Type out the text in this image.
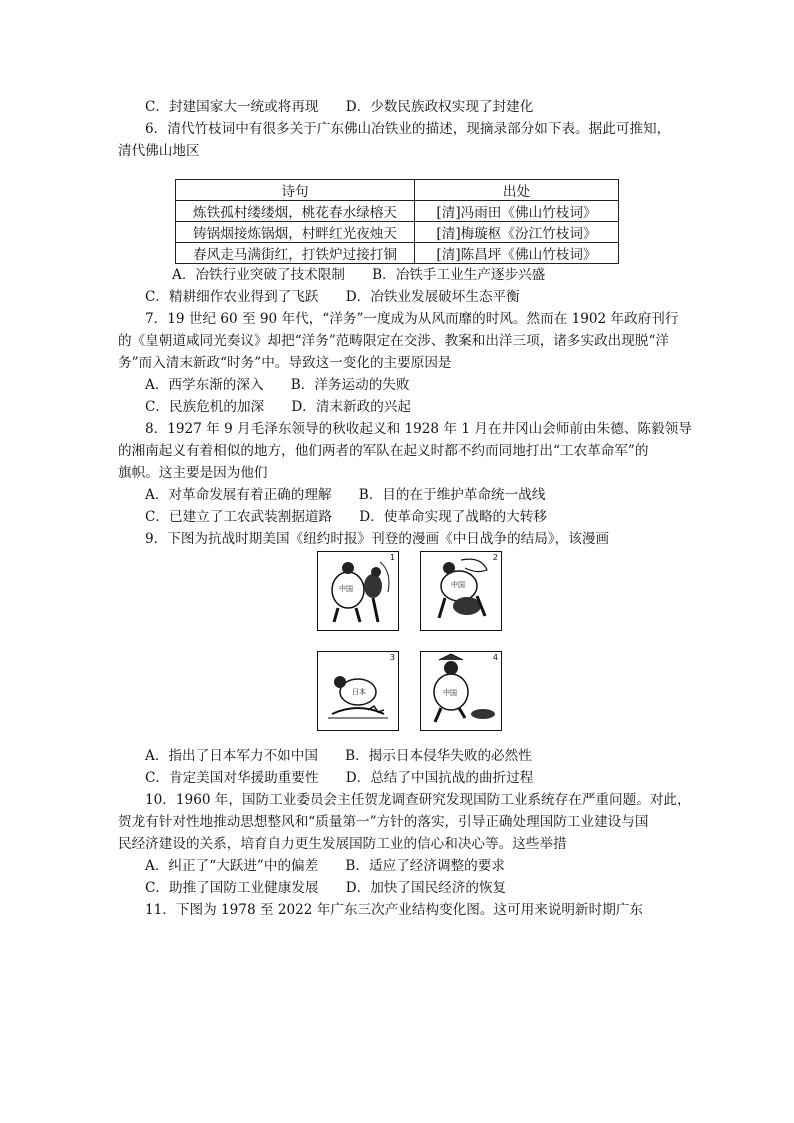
C．封建国家大一统或将再现　　D．少数民族政权实现了封建化
6．清代竹枝词中有很多关于广东佛山冶铁业的描述，现摘录部分如下表。据此可推知，
清代佛山地区
诗句	出处
炼铁孤村缕缕烟，桃花春水绿榕天	[清]冯雨田《佛山竹枝词》
铸锅烟接炼锅烟，村畔红光夜烛天	[清]梅璇枢《汾江竹枝词》
春风走马满街红，打铁炉过接打铜	[清]陈昌坪《佛山竹枝词》
A．冶铁行业突破了技术限制　　B．冶铁手工业生产逐步兴盛
C．精耕细作农业得到了飞跃　　D．冶铁业发展破坏生态平衡
7．19 世纪 60 至 90 年代，“洋务”一度成为从风而靡的时风。然而在 1902 年政府刊行
的《皇朝道咸同光奏议》却把“洋务”范畴限定在交涉、教案和出洋三项，诸多实政出现脱“洋
务”而入清末新政“时务”中。导致这一变化的主要原因是
A．西学东渐的深入　　B．洋务运动的失败
C．民族危机的加深　　D．清末新政的兴起
8．1927 年 9 月毛泽东领导的秋收起义和 1928 年 1 月在井冈山会师前由朱德、陈毅领导
的湘南起义有着相似的地方，他们两者的军队在起义时都不约而同地打出“工农革命军”的
旗帜。这主要是因为他们
A．对革命发展有着正确的理解　　B．目的在于维护革命统一战线
C．已建立了工农武装割据道路　　D．使革命实现了战略的大转移
9．下图为抗战时期美国《纽约时报》刊登的漫画《中日战争的结局》，该漫画
1
中国
2
中国
3
日本
4
中国
A．指出了日本军力不如中国　　B．揭示日本侵华失败的必然性
C．肯定美国对华援助重要性　　D．总结了中国抗战的曲折过程
10．1960 年，国防工业委员会主任贺龙调查研究发现国防工业系统存在严重问题。对此，
贺龙有针对性地推动思想整风和“质量第一”方针的落实，引导正确处理国防工业建设与国
民经济建设的关系，培育自力更生发展国防工业的信心和决心等。这些举措
A．纠正了“大跃进”中的偏差　　B．适应了经济调整的要求
C．助推了国防工业健康发展　　D．加快了国民经济的恢复
11．下图为 1978 至 2022 年广东三次产业结构变化图。这可用来说明新时期广东
